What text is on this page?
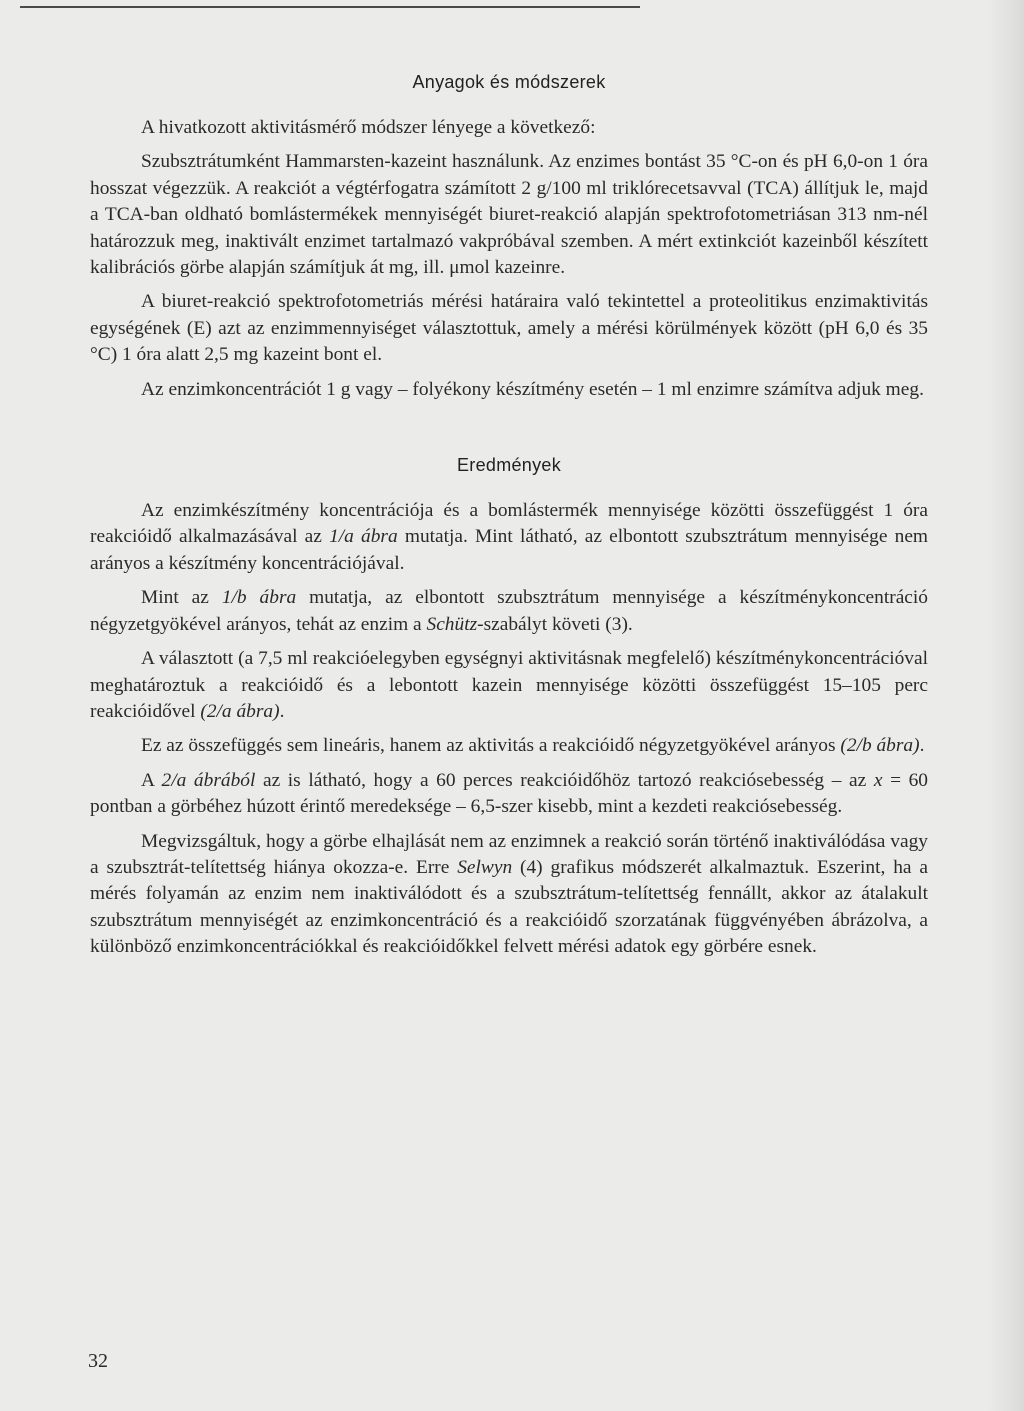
Anyagok és módszerek

A hivatkozott aktivitásmérő módszer lényege a következő:

Szubsztrátumként Hammarsten-kazeint használunk. Az enzimes bontást 35 °C-on és pH 6,0-on 1 óra hosszat végezzük. A reakciót a végtérfogatra számított 2 g/100 ml triklórecetsavval (TCA) állítjuk le, majd a TCA-ban oldható bomlástermékek mennyiségét biuret-reakció alapján spektrofotometriásan 313 nm-nél határozzuk meg, inaktivált enzimet tartalmazó vakpróbával szemben. A mért extinkciót kazeinből készített kalibrációs görbe alapján számítjuk át mg, ill. μmol kazeinre.

A biuret-reakció spektrofotometriás mérési határaira való tekintettel a proteolitikus enzimaktivitás egységének (E) azt az enzimmennyiséget választottuk, amely a mérési körülmények között (pH 6,0 és 35 °C) 1 óra alatt 2,5 mg kazeint bont el.

Az enzimkoncentrációt 1 g vagy – folyékony készítmény esetén – 1 ml enzimre számítva adjuk meg.

Eredmények

Az enzimkészítmény koncentrációja és a bomlástermék mennyisége közötti összefüggést 1 óra reakcióidő alkalmazásával az 1/a ábra mutatja. Mint látható, az elbontott szubsztrátum mennyisége nem arányos a készítmény koncentrációjával.

Mint az 1/b ábra mutatja, az elbontott szubsztrátum mennyisége a készítménykoncentráció négyzetgyökével arányos, tehát az enzim a Schütz-szabályt követi (3).

A választott (a 7,5 ml reakcióelegyben egységnyi aktivitásnak megfelelő) készítménykoncentrációval meghatároztuk a reakcióidő és a lebontott kazein mennyisége közötti összefüggést 15–105 perc reakcióidővel (2/a ábra).

Ez az összefüggés sem lineáris, hanem az aktivitás a reakcióidő négyzetgyökével arányos (2/b ábra).

A 2/a ábrából az is látható, hogy a 60 perces reakcióidőhöz tartozó reakciósebesség – az x = 60 pontban a görbéhez húzott érintő meredeksége – 6,5-szer kisebb, mint a kezdeti reakciósebesség.

Megvizsgáltuk, hogy a görbe elhajlását nem az enzimnek a reakció során történő inaktiválódása vagy a szubsztrát-telítettség hiánya okozza-e. Erre Selwyn (4) grafikus módszerét alkalmaztuk. Eszerint, ha a mérés folyamán az enzim nem inaktiválódott és a szubsztrátum-telítettség fennállt, akkor az átalakult szubsztrátum mennyiségét az enzimkoncentráció és a reakcióidő szorzatának függvényében ábrázolva, a különböző enzimkoncentrációkkal és reakcióidőkkel felvett mérési adatok egy görbére esnek.

32
